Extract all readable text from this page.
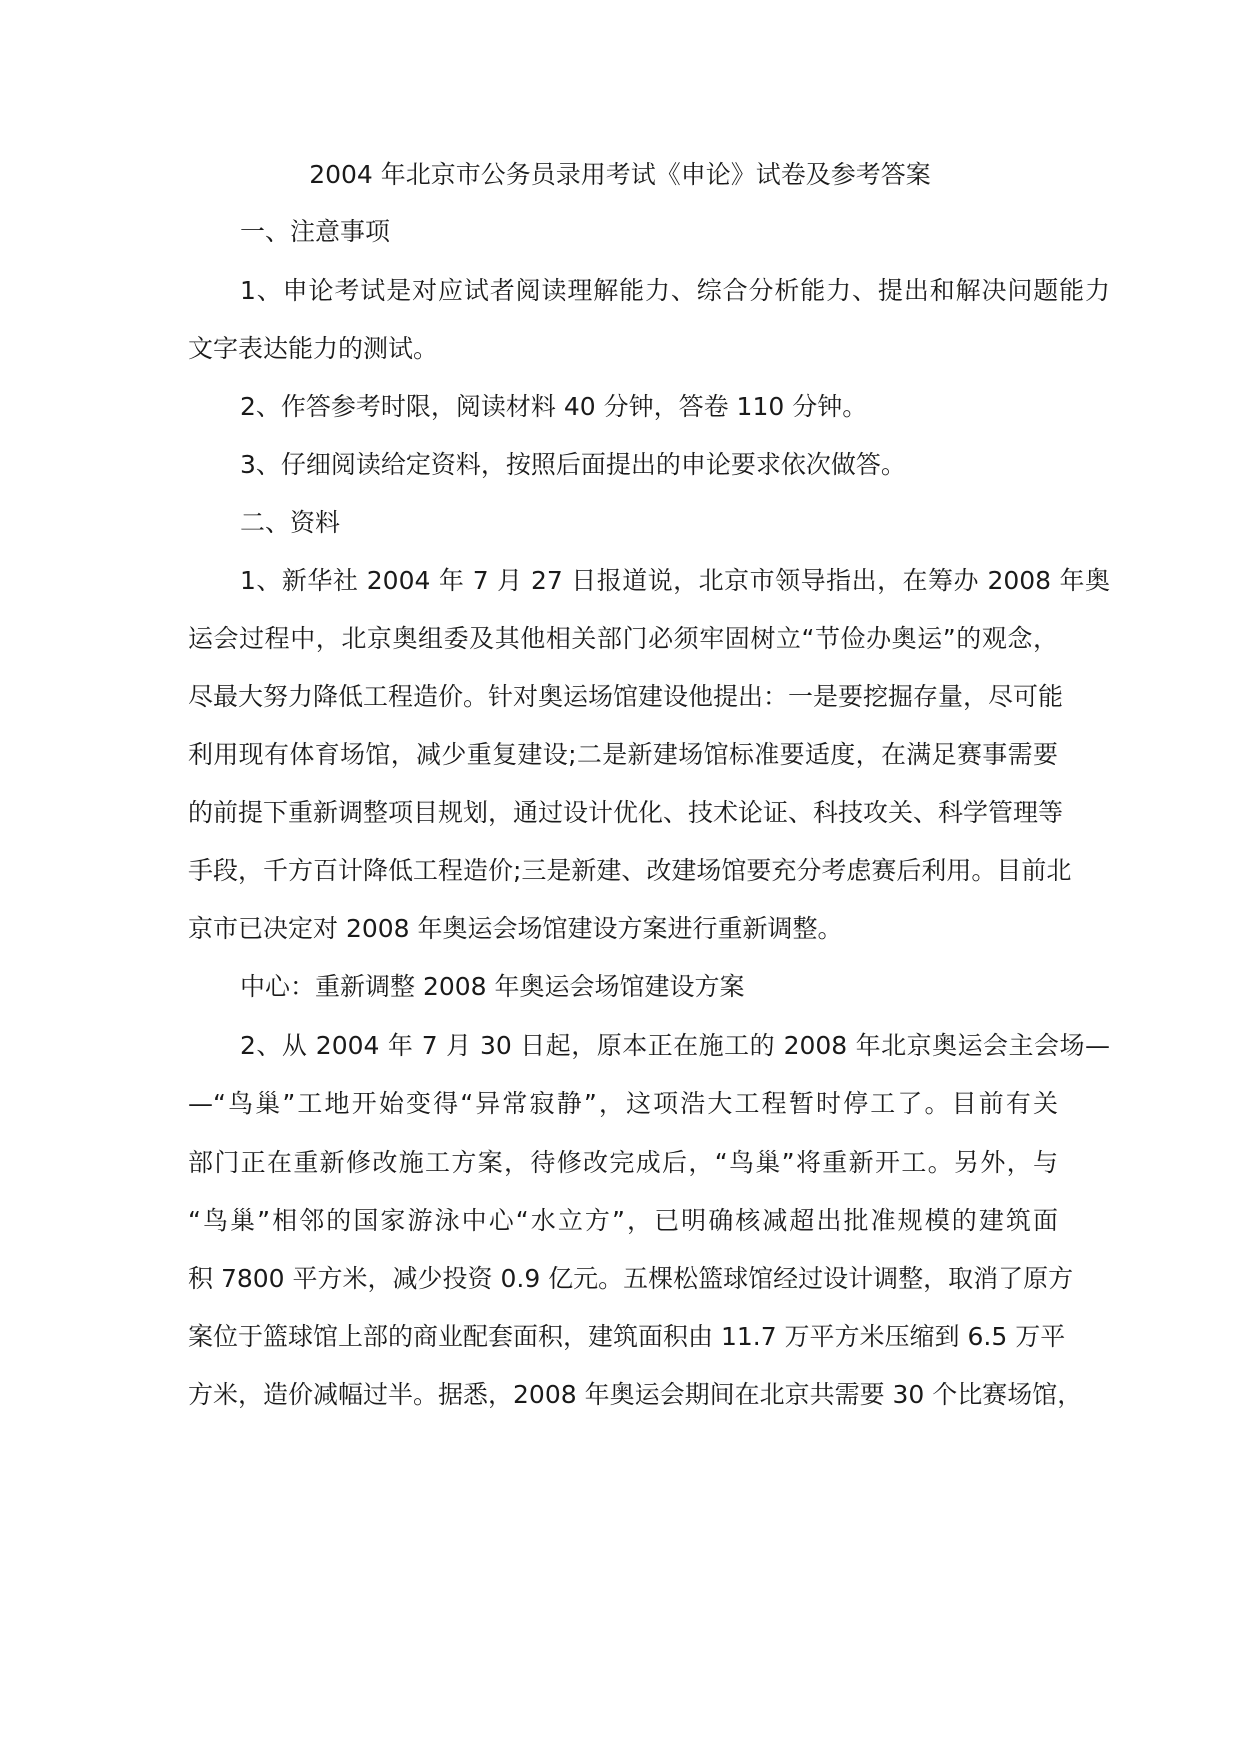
2004 年北京市公务员录用考试《申论》试卷及参考答案
一、注意事项
1、申论考试是对应试者阅读理解能力、综合分析能力、提出和解决问题能力
文字表达能力的测试。
2、作答参考时限，阅读材料 40 分钟，答卷 110 分钟。
3、仔细阅读给定资料，按照后面提出的申论要求依次做答。
二、资料
1、新华社 2004 年 7 月 27 日报道说，北京市领导指出，在筹办 2008 年奥
运会过程中，北京奥组委及其他相关部门必须牢固树立“节俭办奥运”的观念，
尽最大努力降低工程造价。针对奥运场馆建设他提出：一是要挖掘存量，尽可能
利用现有体育场馆，减少重复建设;二是新建场馆标准要适度，在满足赛事需要
的前提下重新调整项目规划，通过设计优化、技术论证、科技攻关、科学管理等
手段，千方百计降低工程造价;三是新建、改建场馆要充分考虑赛后利用。目前北
京市已决定对 2008 年奥运会场馆建设方案进行重新调整。
中心：重新调整 2008 年奥运会场馆建设方案
2、从 2004 年 7 月 30 日起，原本正在施工的 2008 年北京奥运会主会场—
—“鸟巢”工地开始变得“异常寂静”，这项浩大工程暂时停工了。目前有关
部门正在重新修改施工方案，待修改完成后，“鸟巢”将重新开工。另外，与
“鸟巢”相邻的国家游泳中心“水立方”，已明确核减超出批准规模的建筑面
积 7800 平方米，减少投资 0.9 亿元。五棵松篮球馆经过设计调整，取消了原方
案位于篮球馆上部的商业配套面积，建筑面积由 11.7 万平方米压缩到 6.5 万平
方米，造价减幅过半。据悉，2008 年奥运会期间在北京共需要 30 个比赛场馆，
